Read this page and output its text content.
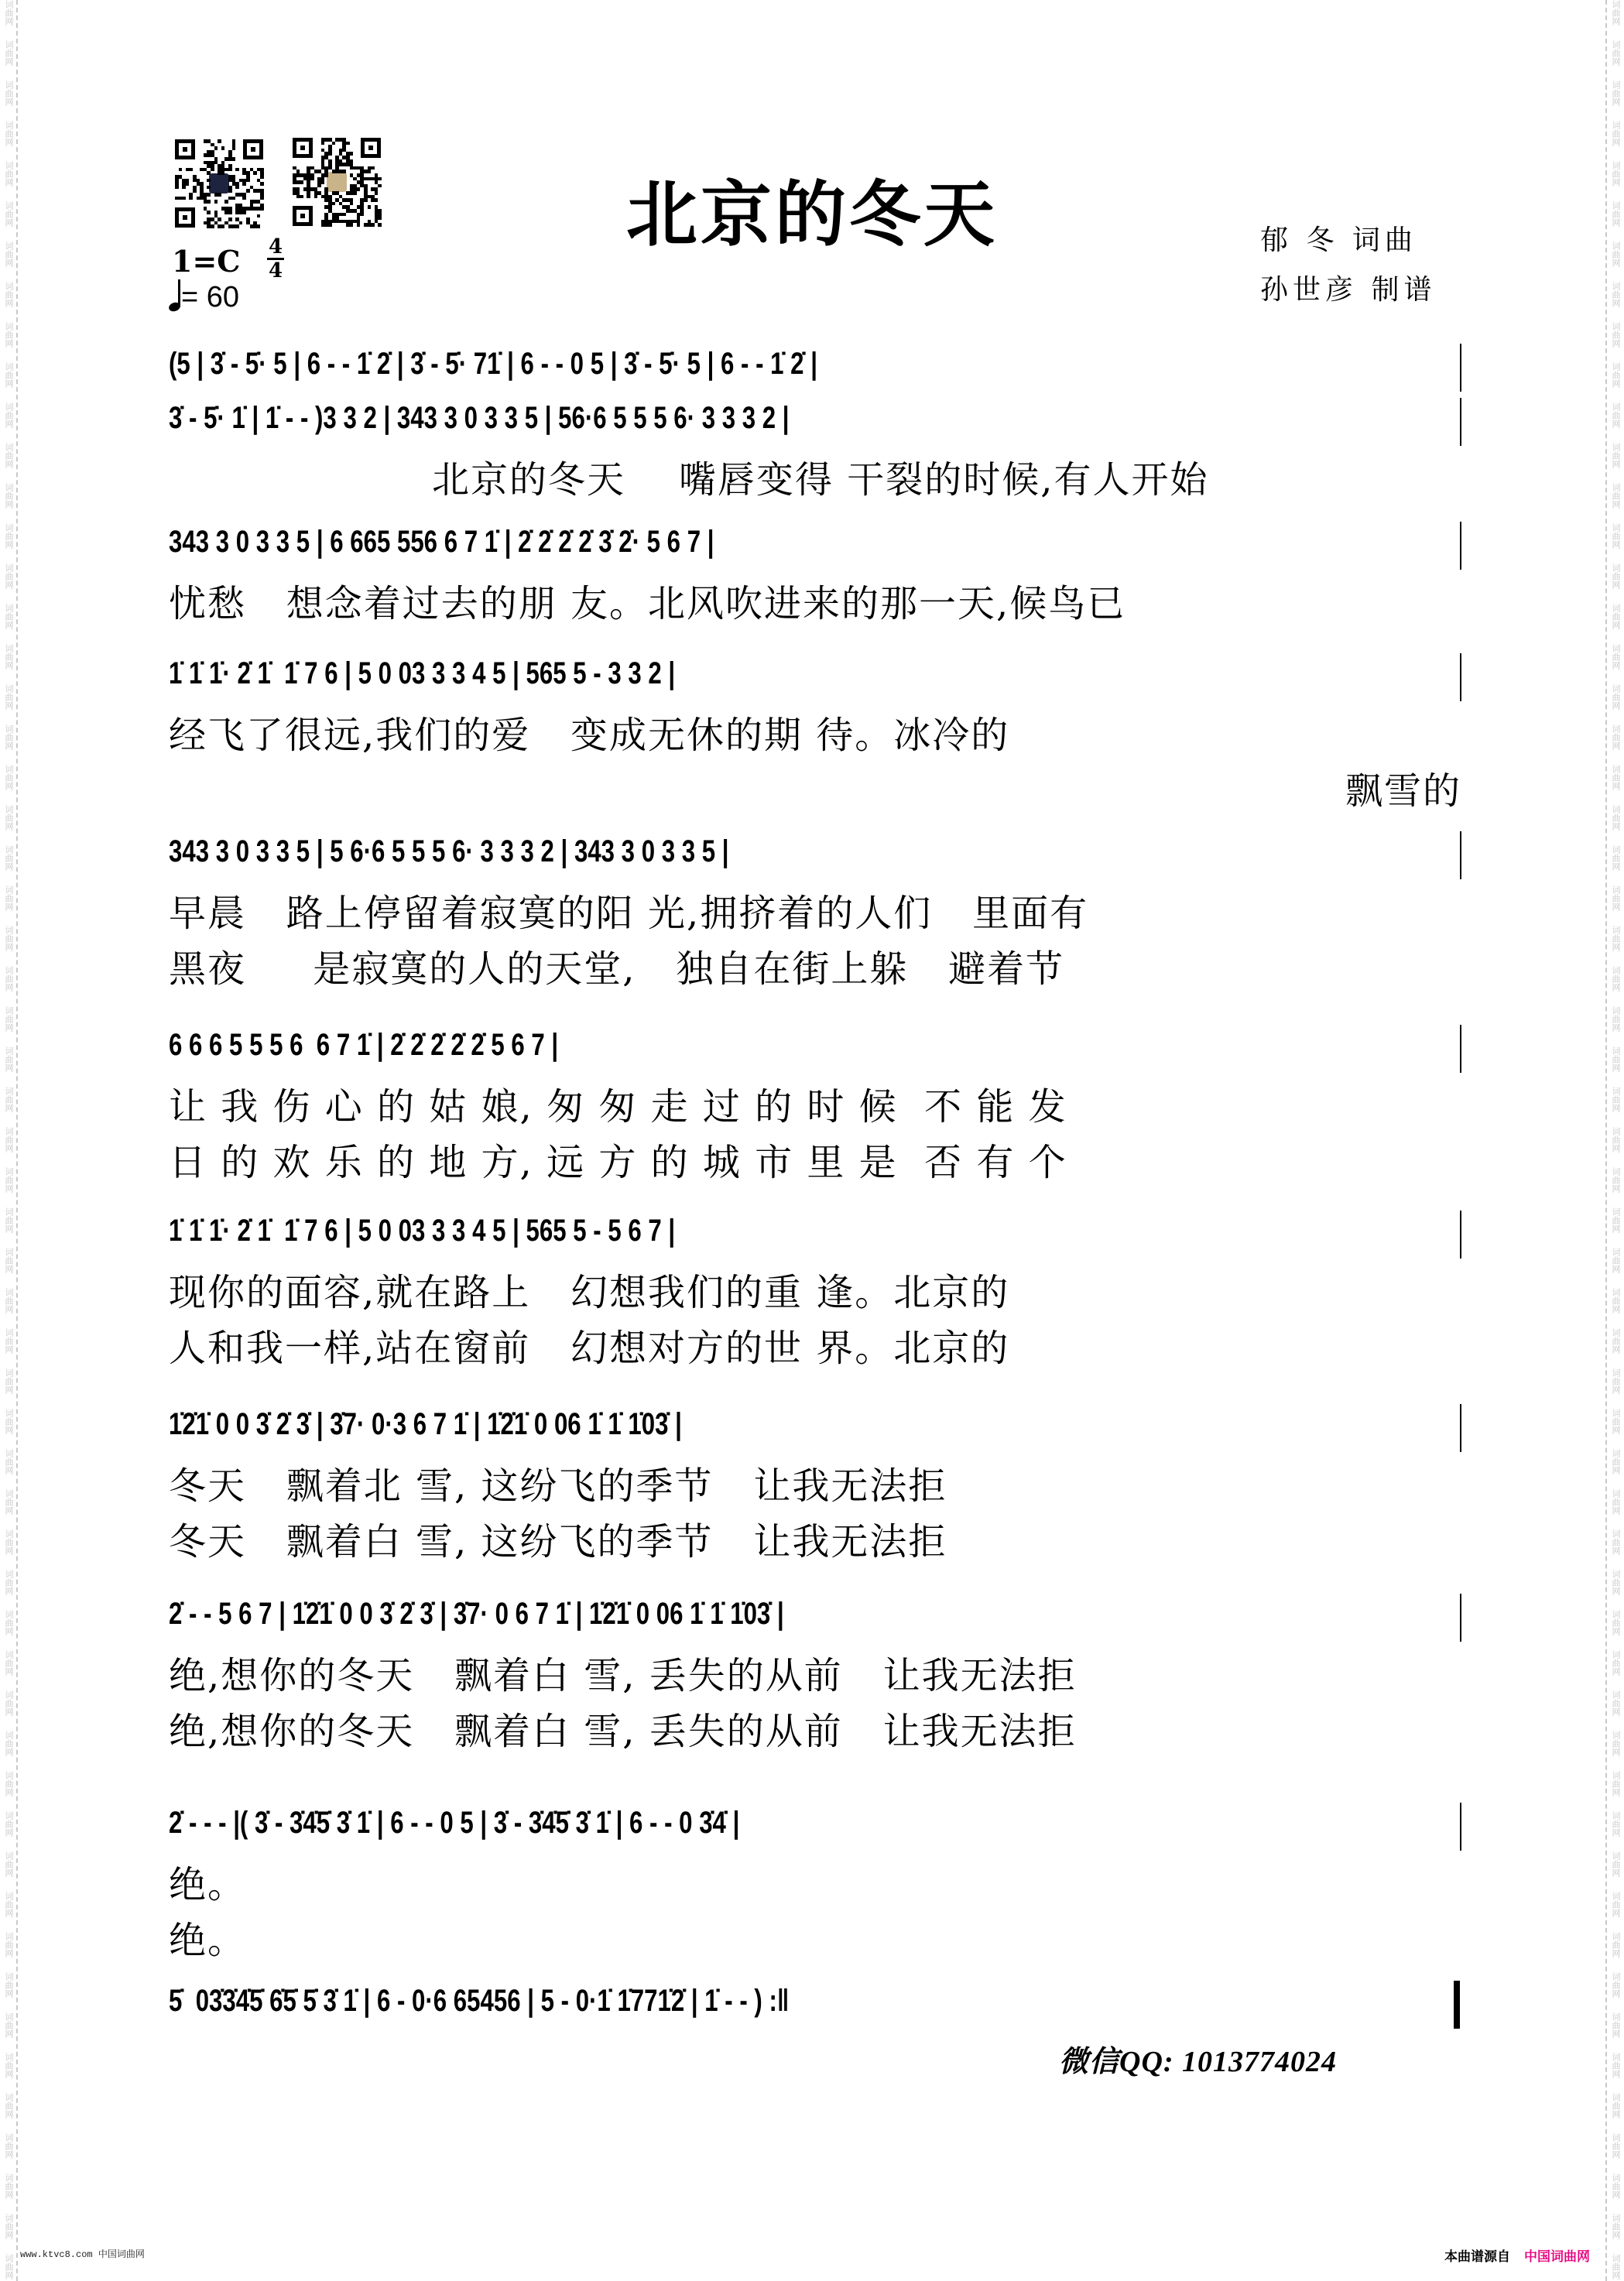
词曲网
词曲网
词曲网
词曲网
词曲网
词曲网
词曲网
词曲网
词曲网
词曲网
词曲网
词曲网
词曲网
词曲网
词曲网
词曲网
词曲网
词曲网
词曲网
词曲网
词曲网
词曲网
词曲网
词曲网
词曲网
词曲网
词曲网
词曲网
词曲网
词曲网
词曲网
词曲网
词曲网
词曲网
词曲网
词曲网
词曲网
词曲网
词曲网
词曲网
词曲网
词曲网
词曲网
词曲网
词曲网
词曲网
词曲网
词曲网
词曲网
词曲网
词曲网
词曲网
词曲网
词曲网
词曲网
词曲网
词曲网
词曲网
词曲网
词曲网
词曲网
词曲网
词曲网
词曲网
词曲网
词曲网
词曲网
词曲网
词曲网
词曲网
词曲网
词曲网
词曲网
词曲网
词曲网
词曲网
词曲网
词曲网
词曲网
词曲网
词曲网
词曲网
词曲网
词曲网
词曲网
词曲网
词曲网
词曲网
词曲网
词曲网
词曲网
词曲网
词曲网
词曲网
词曲网
词曲网
词曲网
词曲网
词曲网
词曲网
词曲网
词曲网
词曲网
词曲网
词曲网
词曲网
词曲网
词曲网
词曲网
词曲网
词曲网
词曲网
词曲网
词曲网
北京的冬天	郁 冬 词曲
孙世彦 制谱
1=C 4
4
= 60
(5 | 3̇ - 5̇· 5 | 6 - - 1̇ 2̇ | 3̇ - 5̇· 71̇ | 6 - - 0 5 | 3̇ - 5̇· 5 | 6 - - 1̇ 2̇ |
3̇ - 5̇· 1̇ | 1̇ - - )3 3 2 | 343 3 0 3 3 5 | 56·6 5 5 5 6· 3 3 3 2 |
北京的冬天    嘴唇变得 干裂的时候,有人开始
343 3 0 3 3 5 | 6 665 556 6 7 1̇ | 2̇ 2̇ 2̇ 2̇ 3̇ 2̇· 5 6 7 |
忧愁   想念着过去的朋 友。北风吹进来的那一天,候鸟已
1̇ 1̇ 1̇· 2̇ 1̇  1̇ 7 6 | 5 0 03 3 3 4 5 | 565 5 - 3 3 2 |
经飞了很远,我们的爱   变成无休的期 待。冰冷的
飘雪的
343 3 0 3 3 5 | 5 6·6 5 5 5 6· 3 3 3 2 | 343 3 0 3 3 5 |
早晨   路上停留着寂寞的阳 光,拥挤着的人们   里面有
黑夜     是寂寞的人的天堂,   独自在街上躲   避着节
6 6 6 5 5 5 6  6 7 1̇ | 2̇ 2̇ 2̇ 2̇ 2̇ 5 6 7 |
让 我 伤 心 的 姑 娘, 匆 匆 走 过 的 时 候  不 能 发
日 的 欢 乐 的 地 方, 远 方 的 城 市 里 是  否 有 个
1̇ 1̇ 1̇· 2̇ 1̇  1̇ 7 6 | 5 0 03 3 3 4 5 | 565 5 - 5 6 7 |
现你的面容,就在路上   幻想我们的重 逢。北京的
人和我一样,站在窗前   幻想对方的世 界。北京的
1̇2̇1̇ 0 0 3̇ 2̇ 3̇ | 3̇7· 0·3 6 7 1̇ | 1̇2̇1̇ 0 06 1̇ 1̇ 1̇03̇ |
冬天   飘着北 雪, 这纷飞的季节   让我无法拒
冬天   飘着白 雪, 这纷飞的季节   让我无法拒
2̇ - - 5 6 7 | 1̇2̇1̇ 0 0 3̇ 2̇ 3̇ | 3̇7· 0 6 7 1̇ | 1̇2̇1̇ 0 06 1̇ 1̇ 1̇03̇ |
绝,想你的冬天   飘着白 雪, 丢失的从前   让我无法拒
绝,想你的冬天   飘着白 雪, 丢失的从前   让我无法拒
2̇ - - - |( 3̇ - 3̇4̇5̇ 3̇ 1̇ | 6 - - 0 5 | 3̇ - 3̇4̇5̇ 3̇ 1̇ | 6 - - 0 3̇4̇ |
绝。
绝。
5̇  03̇3̇4̇5̇ 6̇5̇ 5̇ 3̇ 1̇ | 6 - 0·6 65456 | 5 - 0·1̇ 1̇771̇2̇ | 1̇ - - ) :‖
微信QQ: 1013774024
www.ktvc8.com 中国词曲网	本曲谱源自 中国词曲网
